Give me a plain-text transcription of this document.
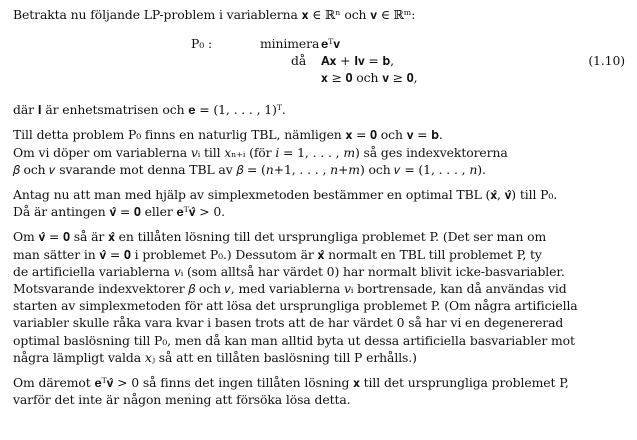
Betrakta nu följande LP-problem i variablerna 𝐱 ∈ ℝⁿ och 𝐯 ∈ ℝᵐ:

P₀ :	minimera 𝐞ᵀ𝐯
då 𝐀𝐱 + 𝐈𝐯 = 𝐛,
𝐱 ≥ 𝟎 och 𝐯 ≥ 𝟎,
(1.10)

där 𝐈 är enhetsmatrisen och 𝐞 = (1, . . . , 1)ᵀ.

Till detta problem P₀ finns en naturlig TBL, nämligen 𝐱 = 𝟎 och 𝐯 = 𝐛.

Om vi döper om variablerna 𝑣ᵢ till 𝑥ₙ₊ᵢ (för 𝑖 = 1, . . . , 𝑚) så ges indexvektorerna

𝛽 och 𝜈 svarande mot denna TBL av 𝛽 = (𝑛+1, . . . , 𝑛+𝑚) och 𝜈 = (1, . . . , 𝑛).

Antag nu att man med hjälp av simplexmetoden bestämmer en optimal TBL (𝐱̂, 𝐯̂) till P₀.

Då är antingen 𝐯̂ = 𝟎 eller 𝐞ᵀ𝐯̂ > 0.

Om 𝐯̂ = 𝟎 så är 𝐱̂ en tillåten lösning till det ursprungliga problemet P. (Det ser man om

man sätter in 𝐯̂ = 𝟎 i problemet P₀.) Dessutom är 𝐱̂ normalt en TBL till problemet P, ty

de artificiella variablerna 𝑣ᵢ (som alltså har värdet 0) har normalt blivit icke-basvariabler.

Motsvarande indexvektorer 𝛽 och 𝜈, med variablerna 𝑣ᵢ bortrensade, kan då användas vid

starten av simplexmetoden för att lösa det ursprungliga problemet P. (Om några artificiella

variabler skulle råka vara kvar i basen trots att de har värdet 0 så har vi en degenererad

optimal baslösning till P₀, men då kan man alltid byta ut dessa artificiella basvariabler mot

några lämpligt valda 𝑥ⱼ så att en tillåten baslösning till P erhålls.)

Om däremot 𝐞ᵀ𝐯̂ > 0 så finns det ingen tillåten lösning 𝐱 till det ursprungliga problemet P,

varför det inte är någon mening att försöka lösa detta.
